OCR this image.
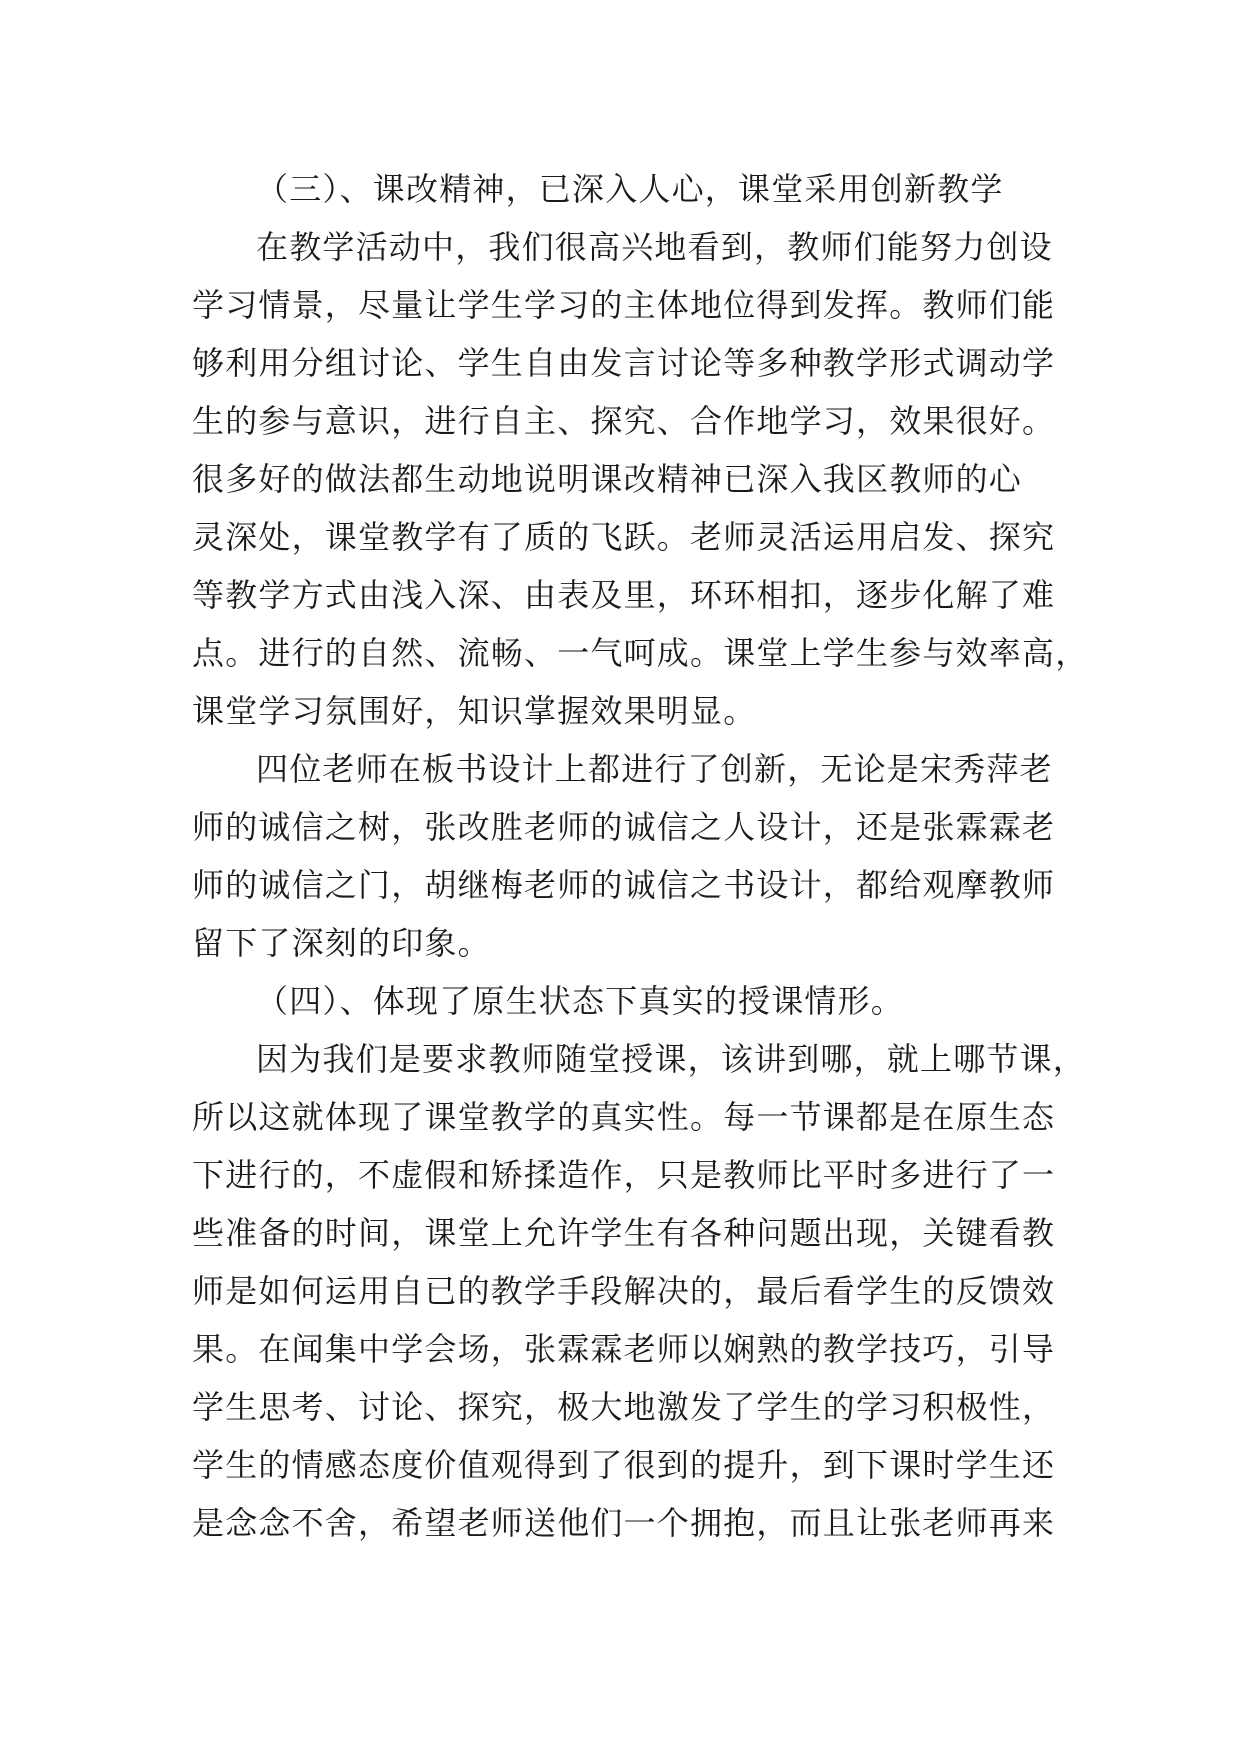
（三）、课改精神，已深入人心，课堂采用创新教学

在教学活动中，我们很高兴地看到，教师们能努力创设
学习情景，尽量让学生学习的主体地位得到发挥。教师们能
够利用分组讨论、学生自由发言讨论等多种教学形式调动学
生的参与意识，进行自主、探究、合作地学习，效果很好。
很多好的做法都生动地说明课改精神已深入我区教师的心
灵深处，课堂教学有了质的飞跃。老师灵活运用启发、探究
等教学方式由浅入深、由表及里，环环相扣，逐步化解了难
点。进行的自然、流畅、一气呵成。课堂上学生参与效率高，
课堂学习氛围好，知识掌握效果明显。

四位老师在板书设计上都进行了创新，无论是宋秀萍老
师的诚信之树，张改胜老师的诚信之人设计，还是张霖霖老
师的诚信之门，胡继梅老师的诚信之书设计，都给观摩教师
留下了深刻的印象。

（四）、体现了原生状态下真实的授课情形。

因为我们是要求教师随堂授课，该讲到哪，就上哪节课，
所以这就体现了课堂教学的真实性。每一节课都是在原生态
下进行的，不虚假和矫揉造作，只是教师比平时多进行了一
些准备的时间，课堂上允许学生有各种问题出现，关键看教
师是如何运用自已的教学手段解决的，最后看学生的反馈效
果。在闻集中学会场，张霖霖老师以娴熟的教学技巧，引导
学生思考、讨论、探究，极大地激发了学生的学习积极性，
学生的情感态度价值观得到了很到的提升，到下课时学生还
是念念不舍，希望老师送他们一个拥抱，而且让张老师再来
